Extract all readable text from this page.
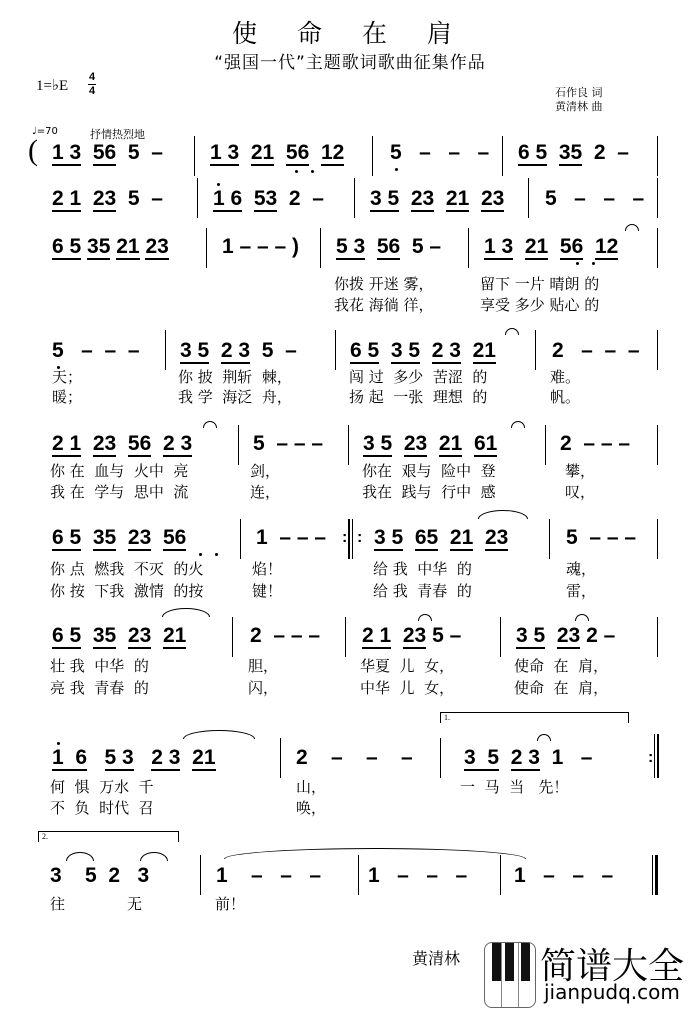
使 命 在 肩
“强国一代”主题歌词歌曲征集作品
1=♭E
4
4	石作良 词
黄清林 曲
♩=70	抒情热烈地
( 1 3 56  5  – 1 3 21 56 12 5   –   –   – 6 5 35  2  –
2 1 23  5  – 1 6 53  2  – 3 5 23 21 23 5   –   –   –
6 5 35 21 23	1 – – – ) 5 3 56  5 – 1 3 21 56 12
你拨 开迷 雾，	留下 一片 晴朗 的
我花 海徜 徉，	享受 多少 贴心 的
5   –  –  – 3 5 2 3  5  –	6 5 3 5 2 3 21	2   –  –  –
天；	你 披  荆斩  棘，	闯 过  多少  苦涩  的	难。
暖；	我 学  海泛  舟，	扬 起  一张  理想  的	帆。
2 1 23 56 2 3	5  – – – 3 5 23 21 61	2  – – –
你 在  血与  火中  亮	剑，	你在  艰与  险中  登	攀，
我 在  学与  思中  流	连，	我在  践与  行中  感	叹，
6 5 35 23 56	1  – – – : : 3 5 65 21 23	5  – – –
你 点  燃我  不灭  的火	焰！	给 我  中华  的	魂，
你 按  下我  激情  的按	键！	给 我  青春  的	雷，
6 5 35 23 21	2  – – – 2 1 23 5 –	3 5 23 2 –
壮 我  中华  的	胆，	华夏  儿  女，	使命  在  肩，
亮 我  青春  的	闪，	中华  儿  女，	使命  在  肩，
1.
1  6 5 3 2 3 21	2    –    –    – 3  5 2 3  1   –	:
何  惧  万水  千	山，	一  马  当   先！
不  负  时代  召	唤，
2.
3    5  2   3	1    –   –   – 1   –   –   – 1   –   –   –
往	无	前！
黄清林 简谱大全
jianpudq.com
